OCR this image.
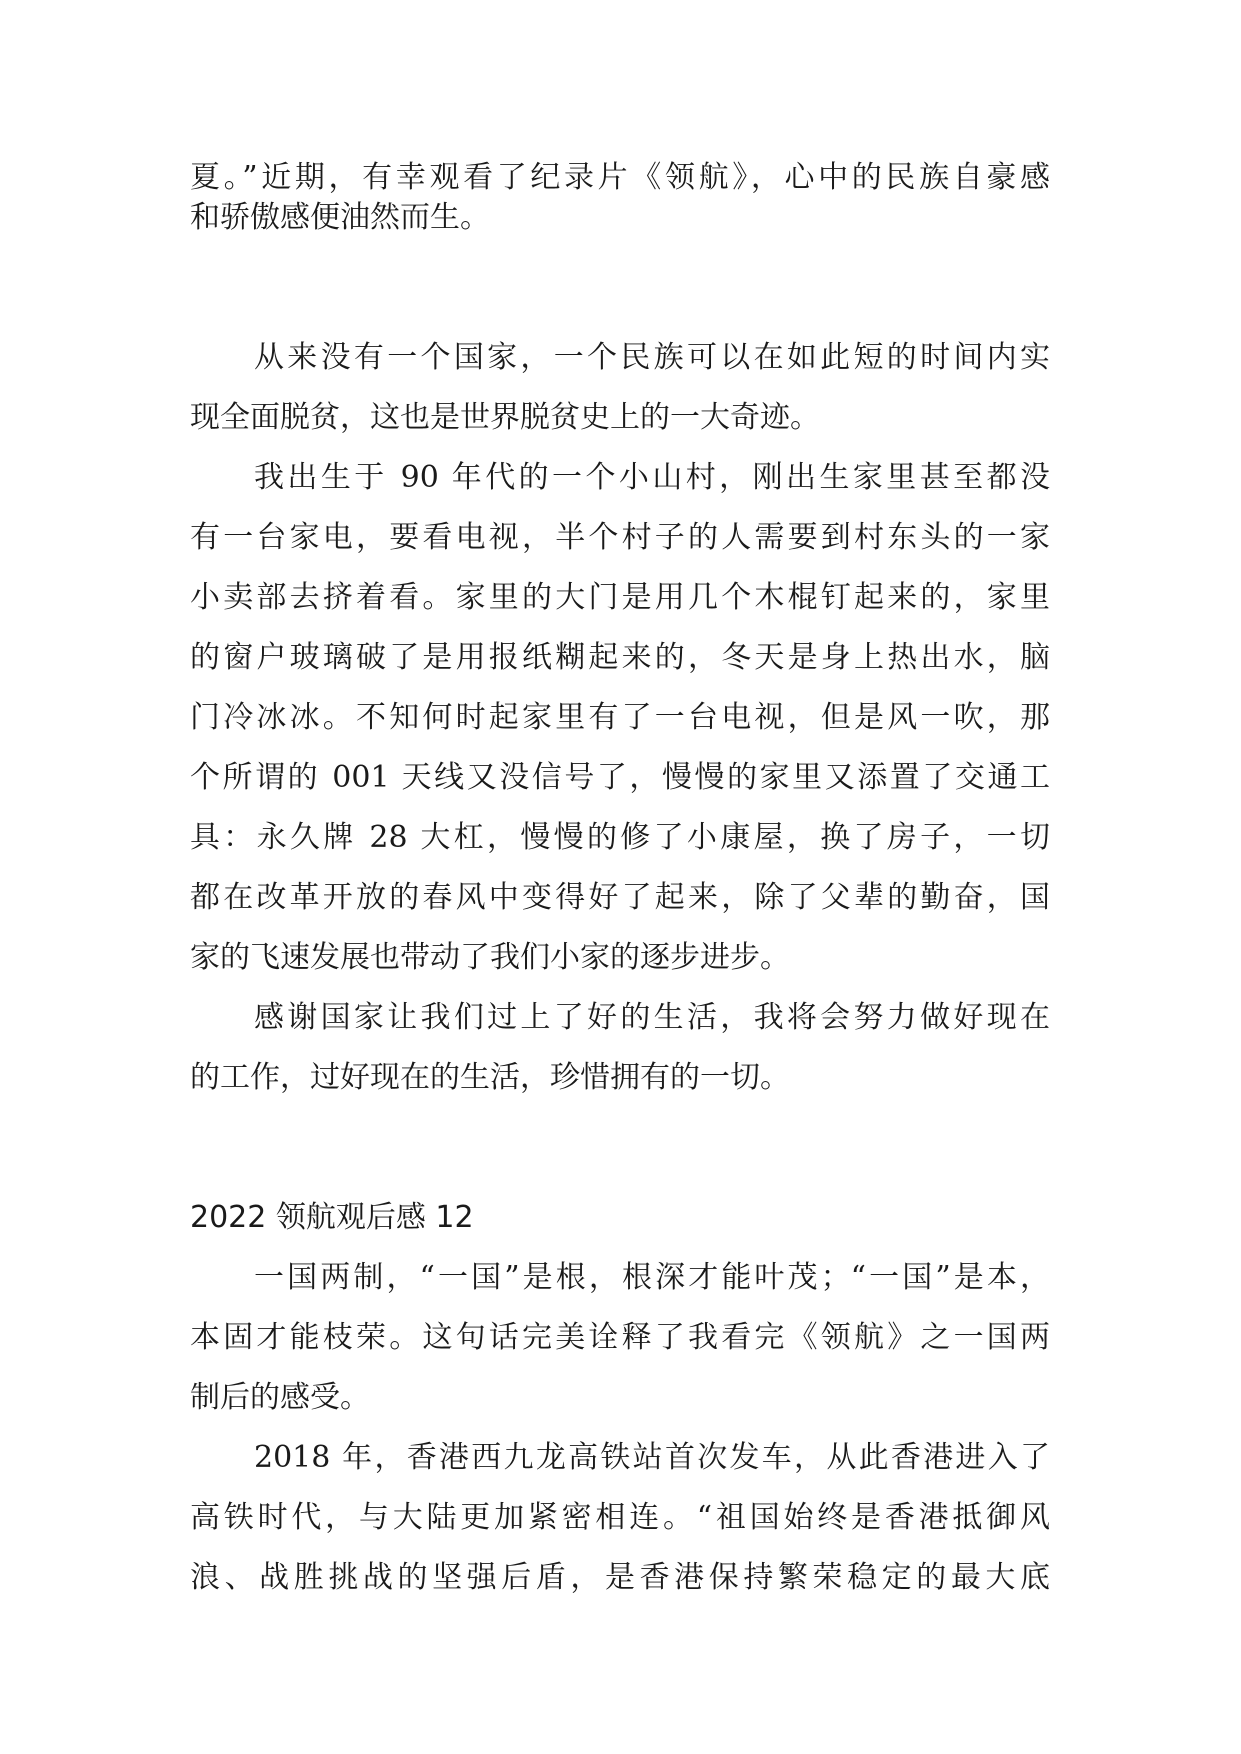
夏。”近期，有幸观看了纪录片《领航》，心中的民族自豪感
和骄傲感便油然而生。
从来没有一个国家，一个民族可以在如此短的时间内实
现全面脱贫，这也是世界脱贫史上的一大奇迹。
我出生于 90 年代的一个小山村，刚出生家里甚至都没
有一台家电，要看电视，半个村子的人需要到村东头的一家
小卖部去挤着看。家里的大门是用几个木棍钉起来的，家里
的窗户玻璃破了是用报纸糊起来的，冬天是身上热出水，脑
门冷冰冰。不知何时起家里有了一台电视，但是风一吹，那
个所谓的 001 天线又没信号了，慢慢的家里又添置了交通工
具：永久牌 28 大杠，慢慢的修了小康屋，换了房子，一切
都在改革开放的春风中变得好了起来，除了父辈的勤奋，国
家的飞速发展也带动了我们小家的逐步进步。
感谢国家让我们过上了好的生活，我将会努力做好现在
的工作，过好现在的生活，珍惜拥有的一切。
2022 领航观后感 12
一国两制，“一国”是根，根深才能叶茂；“一国”是本，
本固才能枝荣。这句话完美诠释了我看完《领航》之一国两
制后的感受。
2018 年，香港西九龙高铁站首次发车，从此香港进入了
高铁时代，与大陆更加紧密相连。“祖国始终是香港抵御风
浪、战胜挑战的坚强后盾，是香港保持繁荣稳定的最大底
